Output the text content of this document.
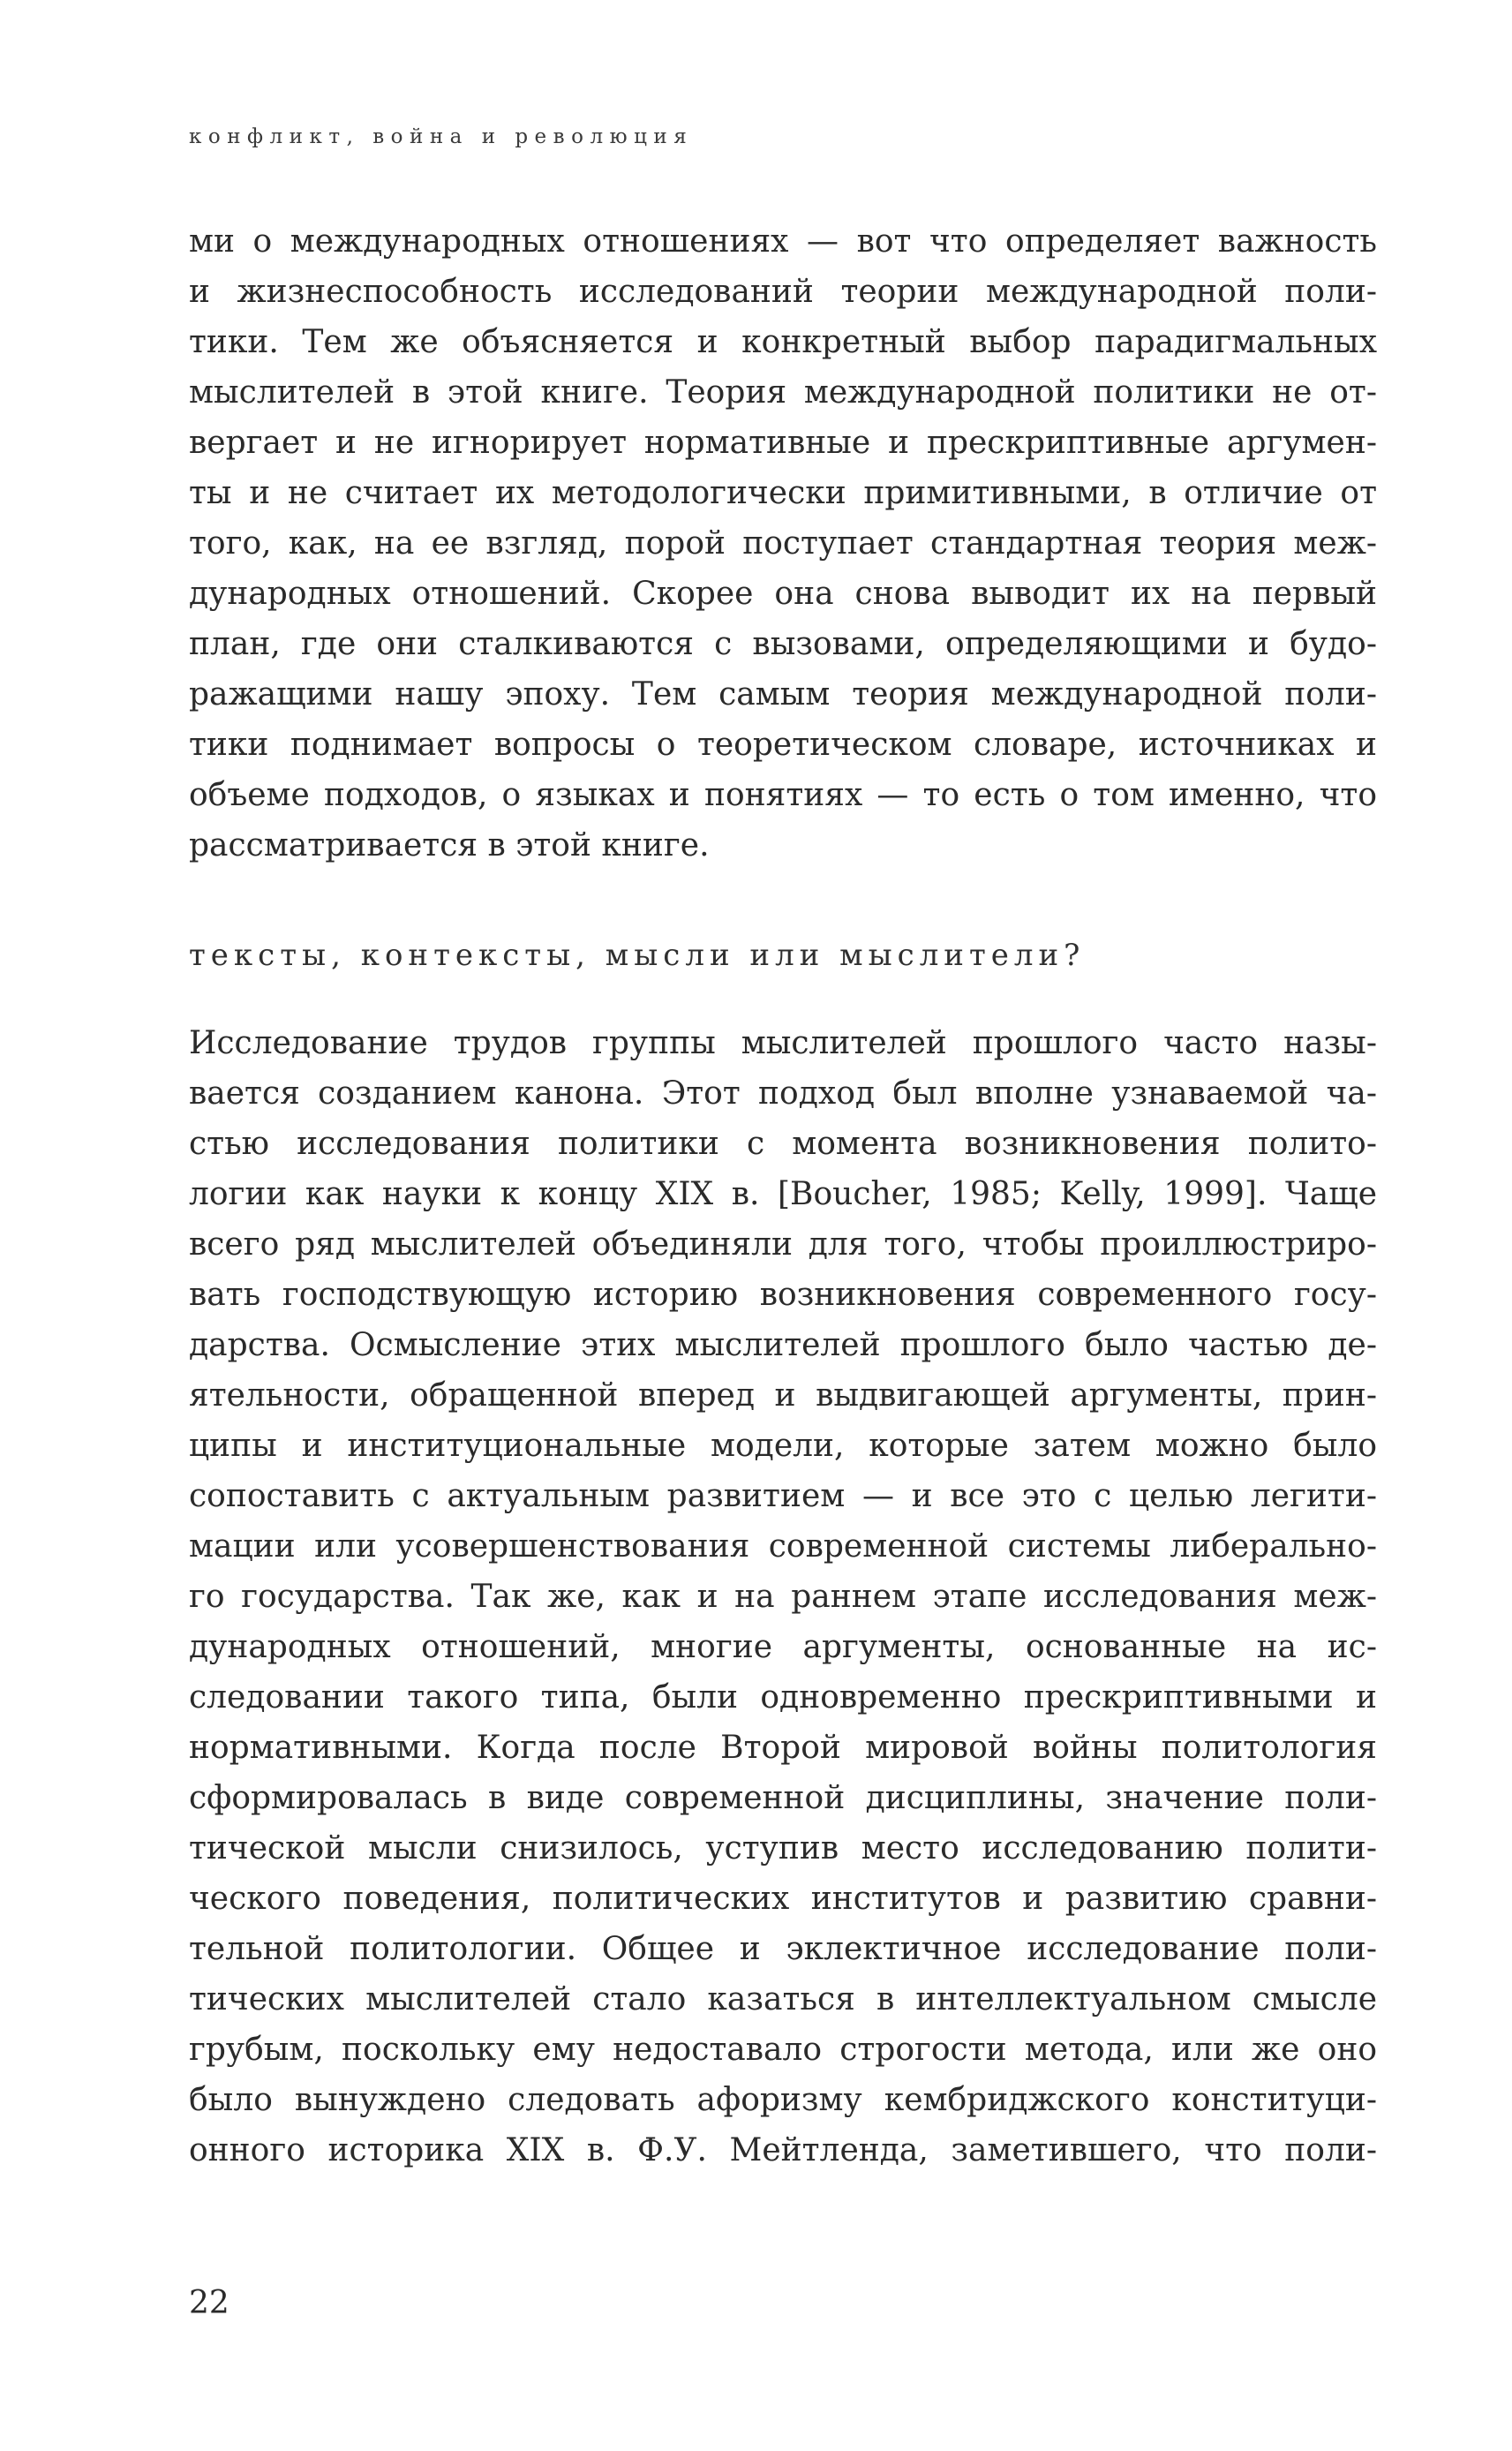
конфликт, война и революция
ми о международных отношениях — вот что определяет важность
и жизнеспособность исследований теории международной поли-
тики. Тем же объясняется и конкретный выбор парадигмальных
мыслителей в этой книге. Теория международной политики не от-
вергает и не игнорирует нормативные и прескриптивные аргумен-
ты и не считает их методологически примитивными, в отличие от
того, как, на ее взгляд, порой поступает стандартная теория меж-
дународных отношений. Скорее она снова выводит их на первый
план, где они сталкиваются с вызовами, определяющими и будо-
ражащими нашу эпоху. Тем самым теория международной поли-
тики поднимает вопросы о теоретическом словаре, источниках и
объеме подходов, о языках и понятиях — то есть о том именно, что
рассматривается в этой книге.
тексты, контексты, мысли или мыслители?
Исследование трудов группы мыслителей прошлого часто назы-
вается созданием канона. Этот подход был вполне узнаваемой ча-
стью исследования политики с момента возникновения полито-
логии как науки к концу XIX в. [Boucher, 1985; Kelly, 1999]. Чаще
всего ряд мыслителей объединяли для того, чтобы проиллюстриро-
вать господствующую историю возникновения современного госу-
дарства. Осмысление этих мыслителей прошлого было частью де-
ятельности, обращенной вперед и выдвигающей аргументы, прин-
ципы и институциональные модели, которые затем можно было
сопоставить с актуальным развитием — и все это с целью легити-
мации или усовершенствования современной системы либерально-
го государства. Так же, как и на раннем этапе исследования меж-
дународных отношений, многие аргументы, основанные на ис-
следовании такого типа, были одновременно прескриптивными и
нормативными. Когда после Второй мировой войны политология
сформировалась в виде современной дисциплины, значение поли-
тической мысли снизилось, уступив место исследованию полити-
ческого поведения, политических институтов и развитию сравни-
тельной политологии. Общее и эклектичное исследование поли-
тических мыслителей стало казаться в интеллектуальном смысле
грубым, поскольку ему недоставало строгости метода, или же оно
было вынуждено следовать афоризму кембриджского конституци-
онного историка XIX в. Ф.У. Мейтленда, заметившего, что поли-
22
